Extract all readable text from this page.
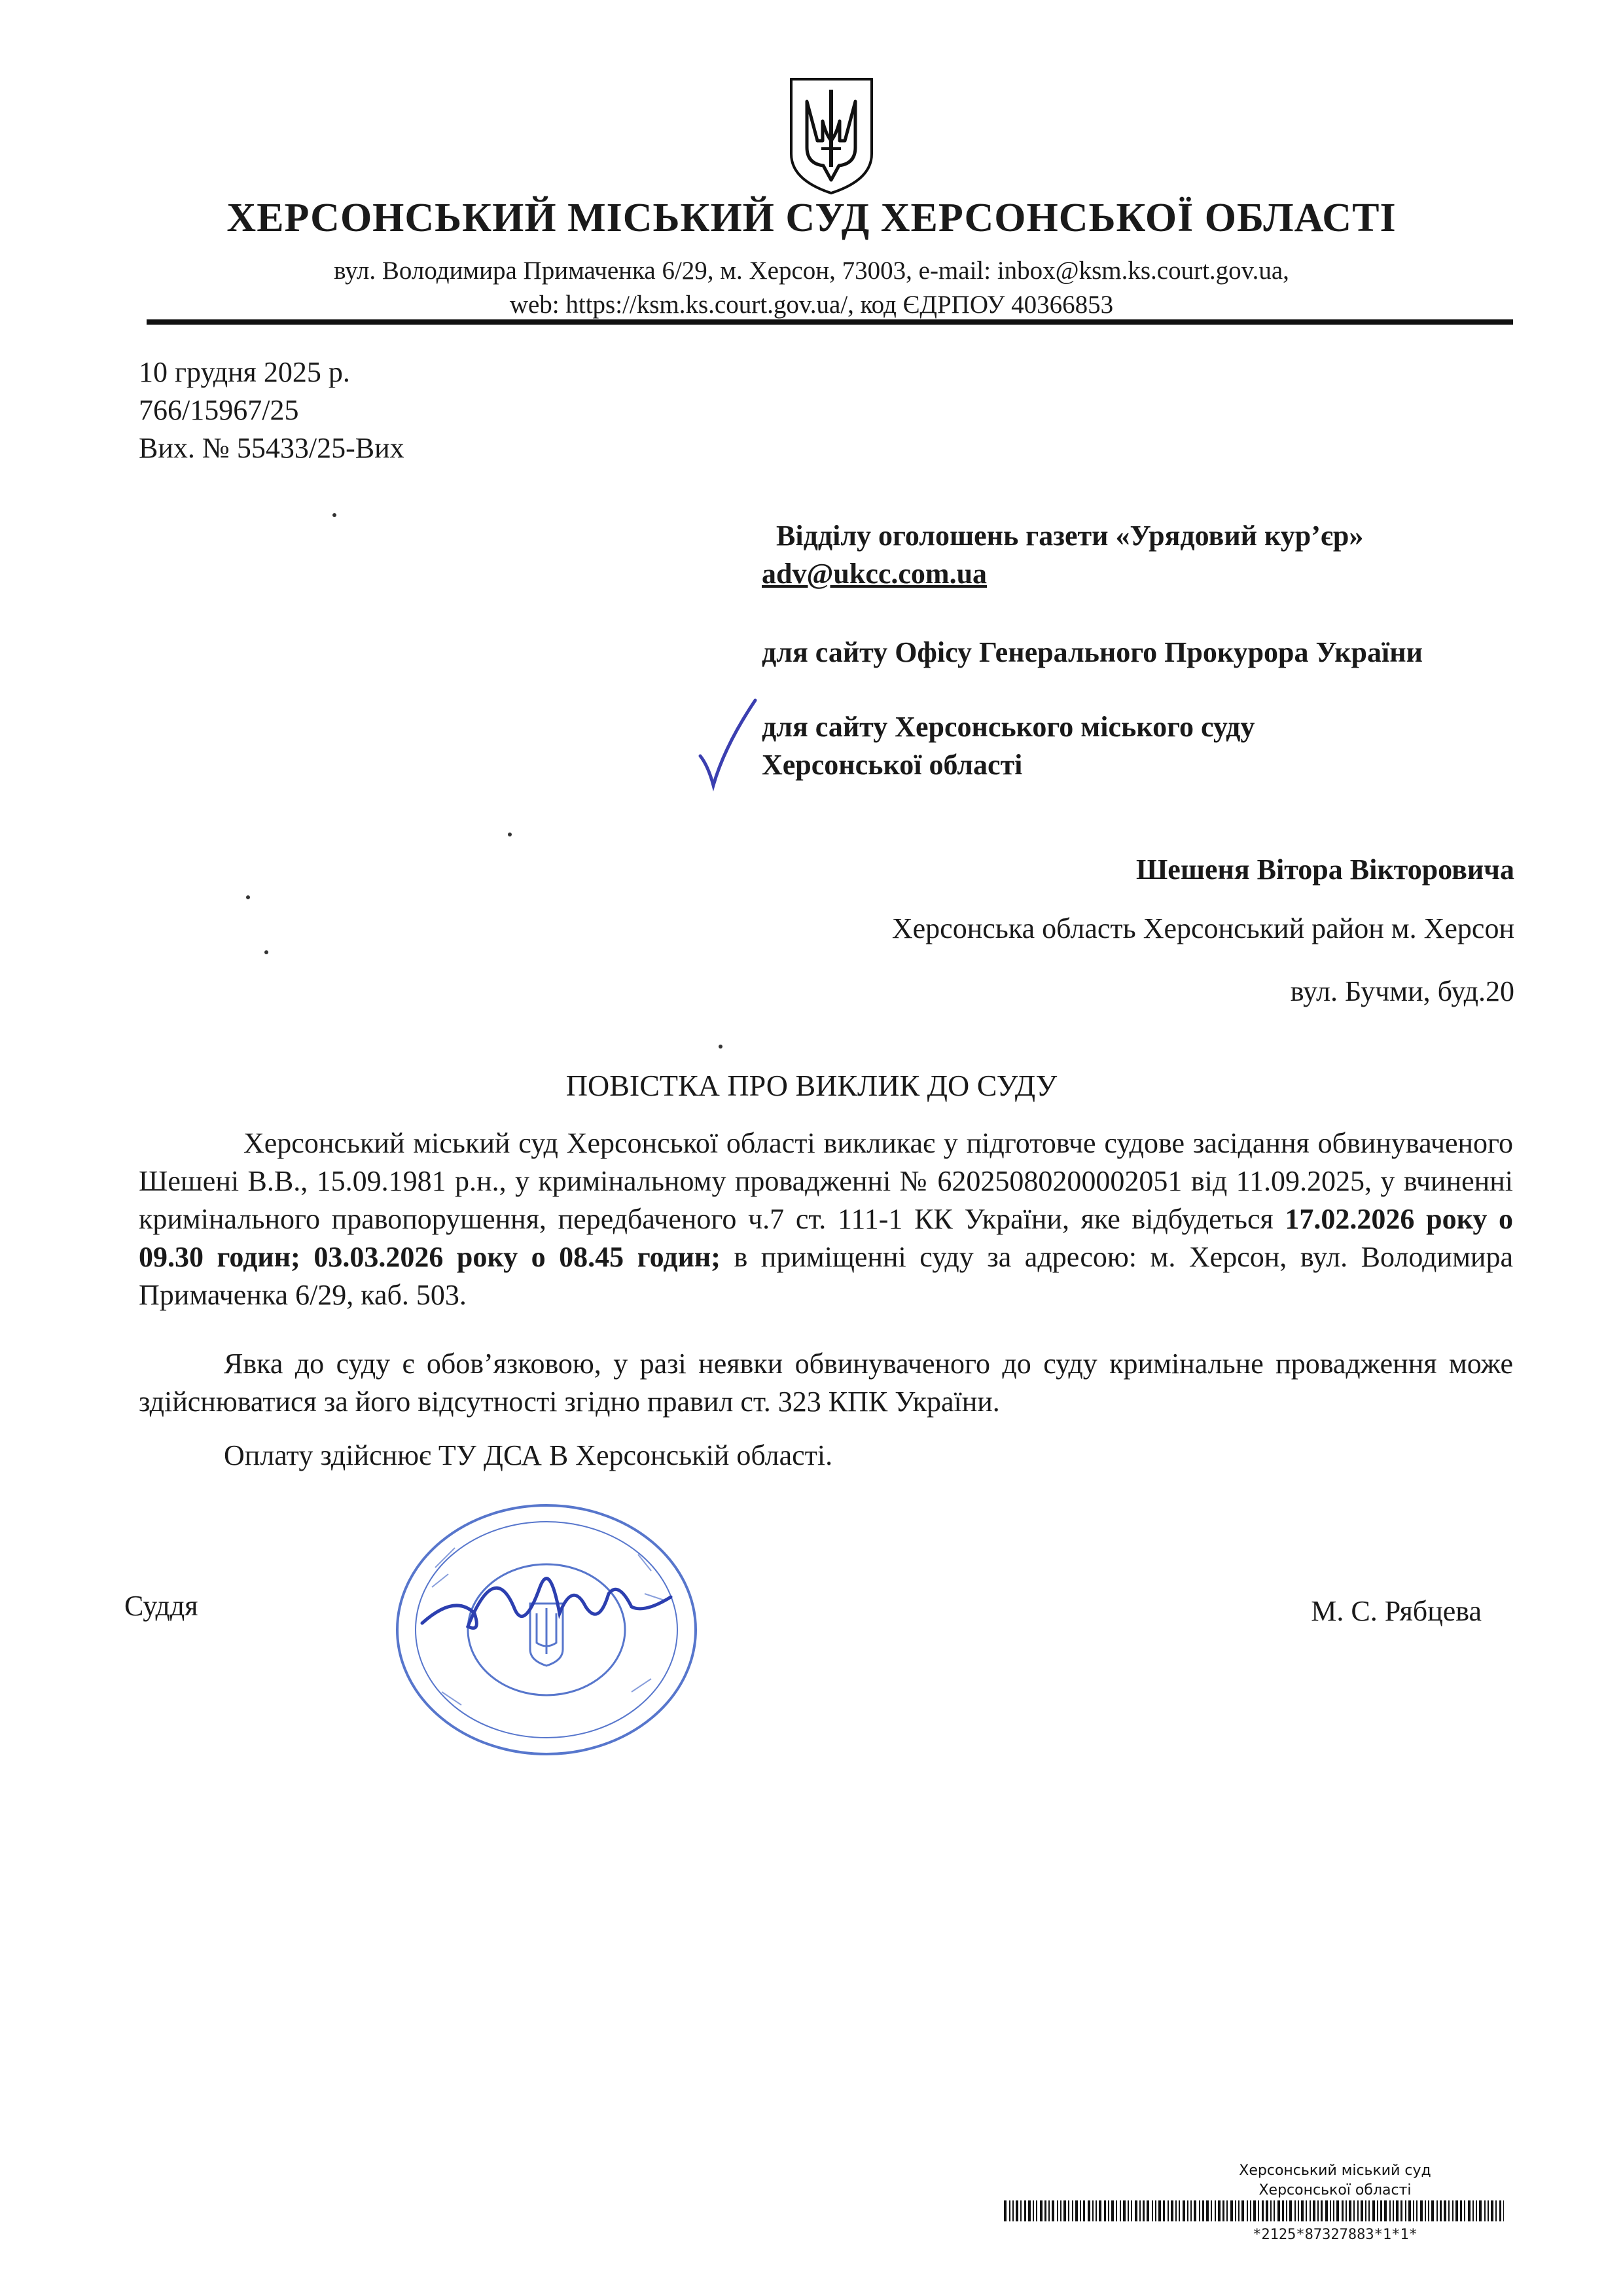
ХЕРСОНСЬКИЙ МІСЬКИЙ СУД ХЕРСОНСЬКОЇ ОБЛАСТІ
вул. Володимира Примаченка 6/29, м. Херсон, 73003, e-mail: inbox@ksm.ks.court.gov.ua,
web: https://ksm.ks.court.gov.ua/, код ЄДРПОУ 40366853
10 грудня 2025 р.
766/15967/25
Вих. № 55433/25-Вих
Відділу оголошень газети «Урядовий кур’єр»
adv@ukcc.com.ua
для сайту Офісу Генерального Прокурора України
для сайту Херсонського міського суду
Херсонської області
Шешеня Вітора Вікторовича
Херсонська область Херсонський район м. Херсон
вул. Бучми, буд.20
ПОВІСТКА ПРО ВИКЛИК ДО СУДУ
Херсонський міський суд Херсонської області викликає у підготовче судове засідання обвинуваченого Шешені В.В., 15.09.1981 р.н., у кримінальному провадженні № 62025080200002051 від 11.09.2025, у вчиненні кримінального правопорушення, передбаченого ч.7 ст. 111-1 КК України, яке відбудеться 17.02.2026 року о 09.30 годин; 03.03.2026 року о 08.45 годин; в приміщенні суду за адресою: м. Херсон, вул. Володимира Примаченка 6/29, каб. 503.
Явка до суду є обов’язковою, у разі неявки обвинуваченого до суду кримінальне провадження може здійснюватися за його відсутності згідно правил ст. 323 КПК України.
Оплату здійснює ТУ ДСА В Херсонській області.
Суддя	М. С. Рябцева
Херсонський міський суд
Херсонської області
*2125*87327883*1*1*
